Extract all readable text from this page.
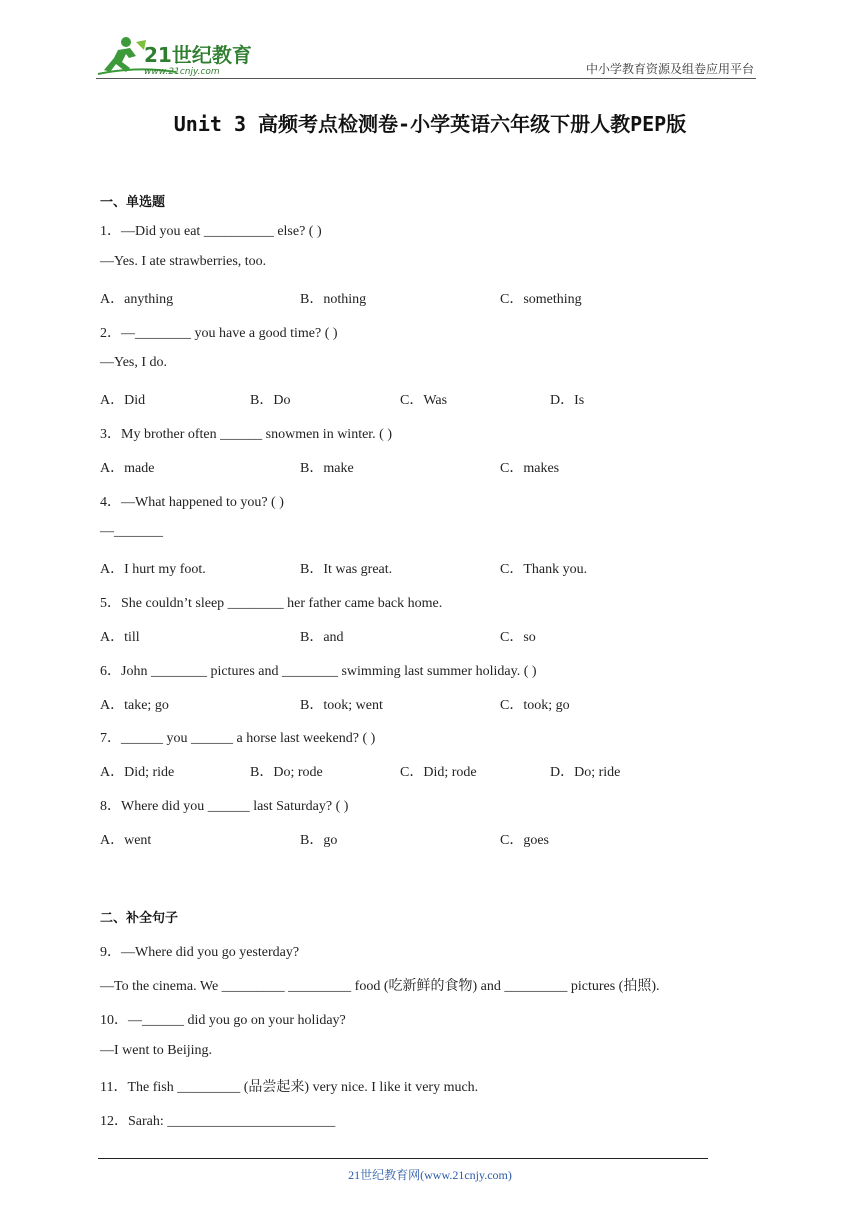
21世纪教育
www.21cnjy.com	中小学教育资源及组卷应用平台
Unit 3 高频考点检测卷-小学英语六年级下册人教PEP版
一、单选题
1．—Did you eat __________ else? ( )
—Yes. I ate strawberries, too.
A．anything	B．nothing	C．something
2．—________ you have a good time? ( )
—Yes, I do.
A．Did	B．Do	C．Was	D．Is
3．My brother often ______ snowmen in winter. ( )
A．made	B．make	C．makes
4．—What happened to you? ( )
—_______
A．I hurt my foot.	B．It was great.	C．Thank you.
5．She couldn’t sleep ________ her father came back home.
A．till	B．and	C．so
6．John ________ pictures and ________ swimming last summer holiday. ( )
A．take; go	B．took; went	C．took; go
7．______ you ______ a horse last weekend? ( )
A．Did; ride	B．Do; rode	C．Did; rode	D．Do; ride
8．Where did you ______ last Saturday? ( )
A．went	B．go	C．goes
二、补全句子
9．—Where did you go yesterday?
—To the cinema. We _________ _________ food (吃新鲜的食物) and _________ pictures (拍照).
10．—______ did you go on your holiday?
—I went to Beijing.
11．The fish _________ (品尝起来) very nice. I like it very much.
12．Sarah: ________________________
21世纪教育网(www.21cnjy.com)
